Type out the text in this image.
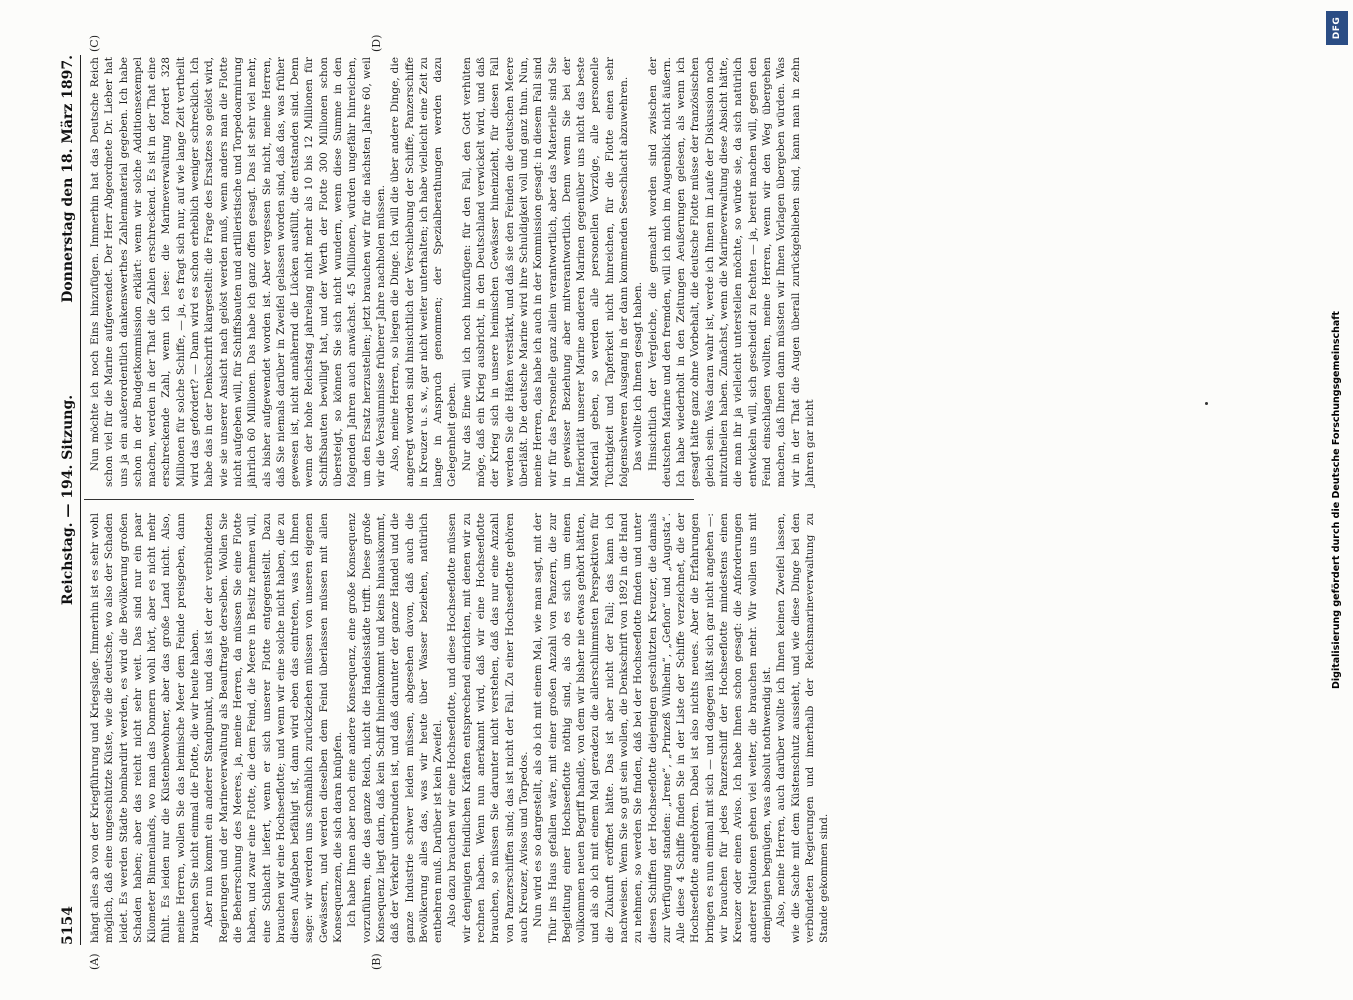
5154
Reichstag. — 194. Sitzung.
Donnerstag den 18. März 1897.
(A)	(B)
(C)	(D)

hängt alles ab von der Kriegführung und Kriegslage. Immerhin ist es sehr wohl möglich, daß eine ungeschützte Küste, wie die deutsche, wo also der Schaden leidet. Es werden Städte bombardirt werden, es wird die Bevölkerung großen Schaden haben; aber das reicht nicht sehr weit. Das sind nur ein paar Kilometer Binnenlands, wo man das Donnern wohl hört, aber es nicht mehr fühlt. Es leiden nur die Küstenbewohner, aber das große Land nicht. Also, meine Herren, wollen Sie das heimische Meer dem Feinde preisgeben, dann brauchen Sie nicht einmal die Flotte, die wir heute haben. Aber nun kommt ein anderer Standpunkt, und das ist der der verbündeten Regierungen und der Marineverwaltung als Beauftragte derselben. Wollen Sie die Beherrschung des Meeres, ja, meine Herren, da müssen Sie eine Flotte haben, und zwar eine Flotte, die dem Feind, die Meere in Besitz nehmen will, eine Schlacht liefert, wenn er sich unserer Flotte entgegenstellt. Dazu brauchen wir eine Hochseeflotte; und wenn wir eine solche nicht haben, die zu diesen Aufgaben befähigt ist, dann wird eben das eintreten, was ich Ihnen sage: wir werden uns schmählich zurückziehen müssen von unseren eigenen Gewässern, und werden dieselben dem Feind überlassen müssen mit allen Konsequenzen, die sich daran knüpfen. Ich habe Ihnen aber noch eine andere Konsequenz, eine große Konsequenz vorzuführen, die das ganze Reich, nicht die Handelsstädte trifft. Diese große Konsequenz liegt darin, daß kein Schiff hineinkommt und keins hinauskommt, daß der Verkehr unterbunden ist, und daß darunter der ganze Handel und die ganze Industrie schwer leiden müssen, abgesehen davon, daß auch die Bevölkerung alles das, was wir heute über Wasser beziehen, natürlich entbehren muß. Darüber ist kein Zweifel. Also dazu brauchen wir eine Hochseeflotte, und diese Hochseeflotte müssen wir denjenigen feindlichen Kräften entsprechend einrichten, mit denen wir zu rechnen haben. Wenn nun anerkannt wird, daß wir eine Hochseeflotte brauchen, so müssen Sie darunter nicht verstehen, daß das nur eine Anzahl von Panzerschiffen sind; das ist nicht der Fall. Zu einer Hochseeflotte gehören auch Kreuzer, Avisos und Torpedos. Nun wird es so dargestellt, als ob ich mit einem Mal, wie man sagt, mit der Thür ins Haus gefallen wäre, mit einer großen Anzahl von Panzern, die zur Begleitung einer Hochseeflotte nöthig sind, als ob es sich um einen vollkommen neuen Begriff handle, von dem wir bisher nie etwas gehört hätten, und als ob ich mit einem Mal geradezu die allerschlimmsten Perspektiven für die Zukunft eröffnet hätte. Das ist aber nicht der Fall; das kann ich nachweisen. Wenn Sie so gut sein wollen, die Denkschrift von 1892 in die Hand zu nehmen, so werden Sie finden, daß bei der Hochseeflotte finden und unter diesen Schiffen der Hochseeflotte diejenigen geschützten Kreuzer, die damals zur Verfügung standen: „Irene“, „Prinzeß Wilhelm“, „Gefion“ und „Augusta“. Alle diese 4 Schiffe finden Sie in der Liste der Schiffe verzeichnet, die der Hochseeflotte angehören. Dabei ist also nichts neues. Aber die Erfahrungen bringen es nun einmal mit sich — und dagegen läßt sich gar nicht angehen —: wir brauchen für jedes Panzerschiff der Hochseeflotte mindestens einen Kreuzer oder einen Aviso. Ich habe Ihnen schon gesagt: die Anforderungen anderer Nationen gehen viel weiter, die brauchen mehr. Wir wollen uns mit demjenigen begnügen, was absolut nothwendig ist. Also, meine Herren, auch darüber wollte ich Ihnen keinen Zweifel lassen, wie die Sache mit dem Küstenschutz aussieht, und wie diese Dinge bei den verbündeten Regierungen und innerhalb der Reichsmarineverwaltung zu Stande gekommen sind.

Nun möchte ich noch Eins hinzufügen. Immerhin hat das Deutsche Reich schon viel für die Marine aufgewendet. Der Herr Abgeordnete Dr. Lieber hat uns ja ein außerordentlich dankenswerthes Zahlenmaterial gegeben. Ich habe schon in der Budgetkommission erklärt: wenn wir solche Additionsexempel machen, werden in der That die Zahlen erschreckend. Es ist in der That eine erschreckende Zahl, wenn ich lese: die Marineverwaltung fordert 328 Millionen für solche Schiffe, — ja, es fragt sich nur, auf wie lange Zeit vertheilt wird das gefordert? — Dann wird es schon erheblich weniger schrecklich. Ich habe das in der Denkschrift klargestellt: die Frage des Ersatzes so gelöst wird, wie sie unserer Ansicht nach gelöst werden muß, wenn anders man die Flotte nicht aufgeben will, für Schiffsbauten und artilleristische und Torpedoarmirung jährlich 60 Millionen. Das habe ich ganz offen gesagt. Das ist sehr viel mehr, als bisher aufgewendet worden ist. Aber vergessen Sie nicht, meine Herren, daß Sie niemals darüber in Zweifel gelassen worden sind, daß das, was früher gewesen ist, nicht annähernd die Lücken ausfüllt, die entstanden sind. Denn wenn der hohe Reichstag jahrelang nicht mehr als 10 bis 12 Millionen für Schiffsbauten bewilligt hat, und der Werth der Flotte 300 Millionen schon übersteigt, so können Sie sich nicht wundern, wenn diese Summe in den folgenden Jahren auch anwächst. 45 Millionen, würden ungefähr hinreichen, um den Ersatz herzustellen; jetzt brauchen wir für die nächsten Jahre 60, weil wir die Versäumnisse früherer Jahre nachholen müssen. Also, meine Herren, so liegen die Dinge. Ich will die über andere Dinge, die angeregt worden sind hinsichtlich der Verschiebung der Schiffe, Panzerschiffe in Kreuzer u. s. w., gar nicht weiter unterhalten; ich habe vielleicht eine Zeit zu lange in Anspruch genommen; der Spezialberathungen werden dazu Gelegenheit geben. Nur das Eine will ich noch hinzufügen: für den Fall, den Gott verhüten möge, daß ein Krieg ausbricht, in den Deutschland verwickelt wird, und daß der Krieg sich in unsere heimischen Gewässer hineinzieht, für diesen Fall werden Sie die Häfen verstärkt, und daß sie den Feinden die deutschen Meere überläßt. Die deutsche Marine wird ihre Schuldigkeit voll und ganz thun. Nun, meine Herren, das habe ich auch in der Kommission gesagt: in diesem Fall sind wir für das Personelle ganz allein verantwortlich, aber das Materielle sind Sie in gewisser Beziehung aber mitverantwortlich. Denn wenn Sie bei der Inferiorität unserer Marine anderen Marinen gegenüber uns nicht das beste Material geben, so werden alle personellen Vorzüge, alle personelle Tüchtigkeit und Tapferkeit nicht hinreichen, für die Flotte einen sehr folgenschweren Ausgang in der dann kommenden Seeschlacht abzuwehren. Das wollte ich Ihnen gesagt haben. Hinsichtlich der Vergleiche, die gemacht worden sind zwischen der deutschen Marine und den fremden, will ich mich im Augenblick nicht äußern. Ich habe wiederholt in den Zeitungen Aeußerungen gelesen, als wenn ich gesagt hätte ganz ohne Vorbehalt, die deutsche Flotte müsse der französischen gleich sein. Was daran wahr ist, werde ich Ihnen im Laufe der Diskussion noch mitzutheilen haben. Zunächst, wenn die Marineverwaltung diese Absicht hätte, die man ihr ja vielleicht unterstellen möchte, so würde sie, da sich natürlich entwickeln will, sich gescheidt zu fechten — ja, bereit machen will, gegen den Feind einschlagen wollten, meine Herren, wenn wir den Weg übergehen machen, daß Ihnen dann müssten wir Ihnen Vorlagen übergeben würden. Was wir in der That die Augen überall zurückgeblieben sind, kann man in zehn Jahren gar nicht	Digitalisierung gefördert durch die Deutsche Forschungsgemeinschaft
DFG
